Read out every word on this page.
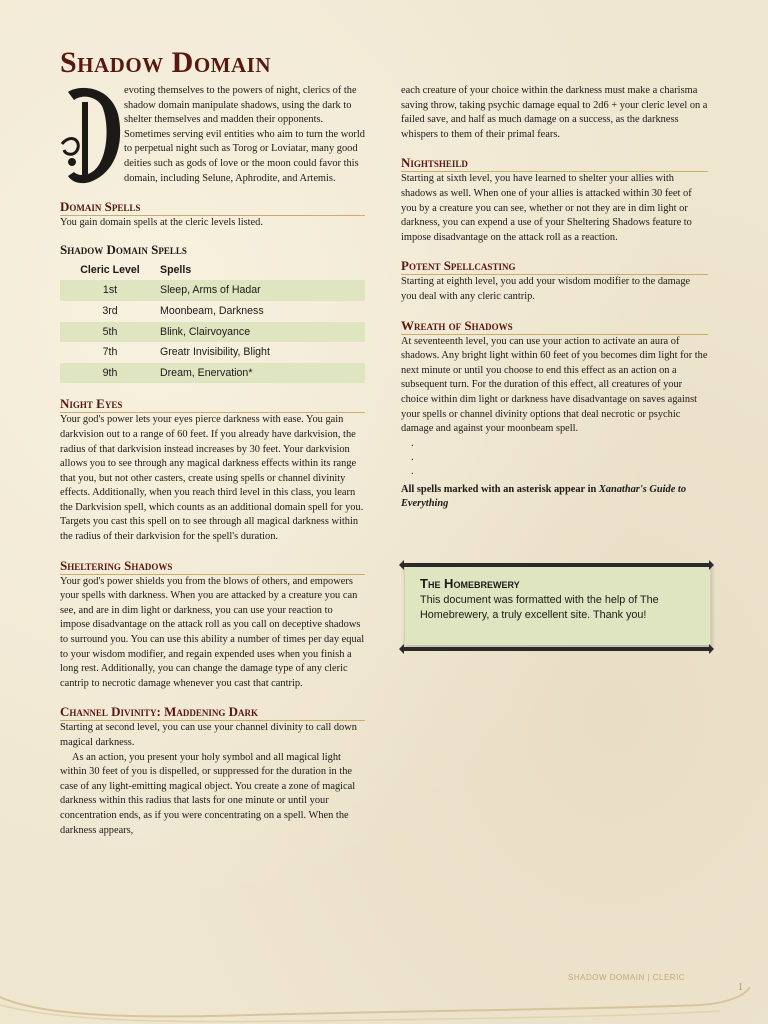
Shadow Domain

evoting themselves to the powers of night, clerics of the shadow domain manipulate shadows, using the dark to shelter themselves and madden their opponents. Sometimes serving evil entities who aim to turn the world to perpetual night such as Torog or Loviatar, many good deities such as gods of love or the moon could favor this domain, including Selune, Aphrodite, and Artemis.

Domain Spells

You gain domain spells at the cleric levels listed.

Shadow Domain Spells
Cleric Level	Spells
1st	Sleep, Arms of Hadar
3rd	Moonbeam, Darkness
5th	Blink, Clairvoyance
7th	Greatr Invisibility, Blight
9th	Dream, Enervation*
Night Eyes

Your god's power lets your eyes pierce darkness with ease. You gain darkvision out to a range of 60 feet. If you already have darkvision, the radius of that darkvision instead increases by 30 feet. Your darkvision allows you to see through any magical darkness effects within its range that you, but not other casters, create using spells or channel divinity effects. Additionally, when you reach third level in this class, you learn the Darkvision spell, which counts as an additional domain spell for you. Targets you cast this spell on to see through all magical darkness within the radius of their darkvision for the spell's duration.

Sheltering Shadows

Your god's power shields you from the blows of others, and empowers your spells with darkness. When you are attacked by a creature you can see, and are in dim light or darkness, you can use your reaction to impose disadvantage on the attack roll as you call on deceptive shadows to surround you. You can use this ability a number of times per day equal to your wisdom modifier, and regain expended uses when you finish a long rest. Additionally, you can change the damage type of any cleric cantrip to necrotic damage whenever you cast that cantrip.

Channel Divinity: Maddening Dark

Starting at second level, you can use your channel divinity to call down magical darkness.

As an action, you present your holy symbol and all magical light within 30 feet of you is dispelled, or suppressed for the duration in the case of any light-emitting magical object. You create a zone of magical darkness within this radius that lasts for one minute or until your concentration ends, as if you were concentrating on a spell. When the darkness appears,

each creature of your choice within the darkness must make a charisma saving throw, taking psychic damage equal to 2d6 + your cleric level on a failed save, and half as much damage on a success, as the darkness whispers to them of their primal fears.

Nightsheild

Starting at sixth level, you have learned to shelter your allies with shadows as well. When one of your allies is attacked within 30 feet of you by a creature you can see, whether or not they are in dim light or darkness, you can expend a use of your Sheltering Shadows feature to impose disadvantage on the attack roll as a reaction.

Potent Spellcasting

Starting at eighth level, you add your wisdom modifier to the damage you deal with any cleric cantrip.

Wreath of Shadows

At seventeenth level, you can use your action to activate an aura of shadows. Any bright light within 60 feet of you becomes dim light for the next minute or until you choose to end this effect as an action on a subsequent turn. For the duration of this effect, all creatures of your choice within dim light or darkness have disadvantage on saves against your spells or channel divinity options that deal necrotic or psychic damage and against your moonbeam spell.

.
.
.

All spells marked with an asterisk appear in Xanathar's Guide to Everything

The Homebrewery
This document was formatted with the help of The Homebrewery, a truly excellent site. Thank you!
SHADOW DOMAIN | CLERIC
1
